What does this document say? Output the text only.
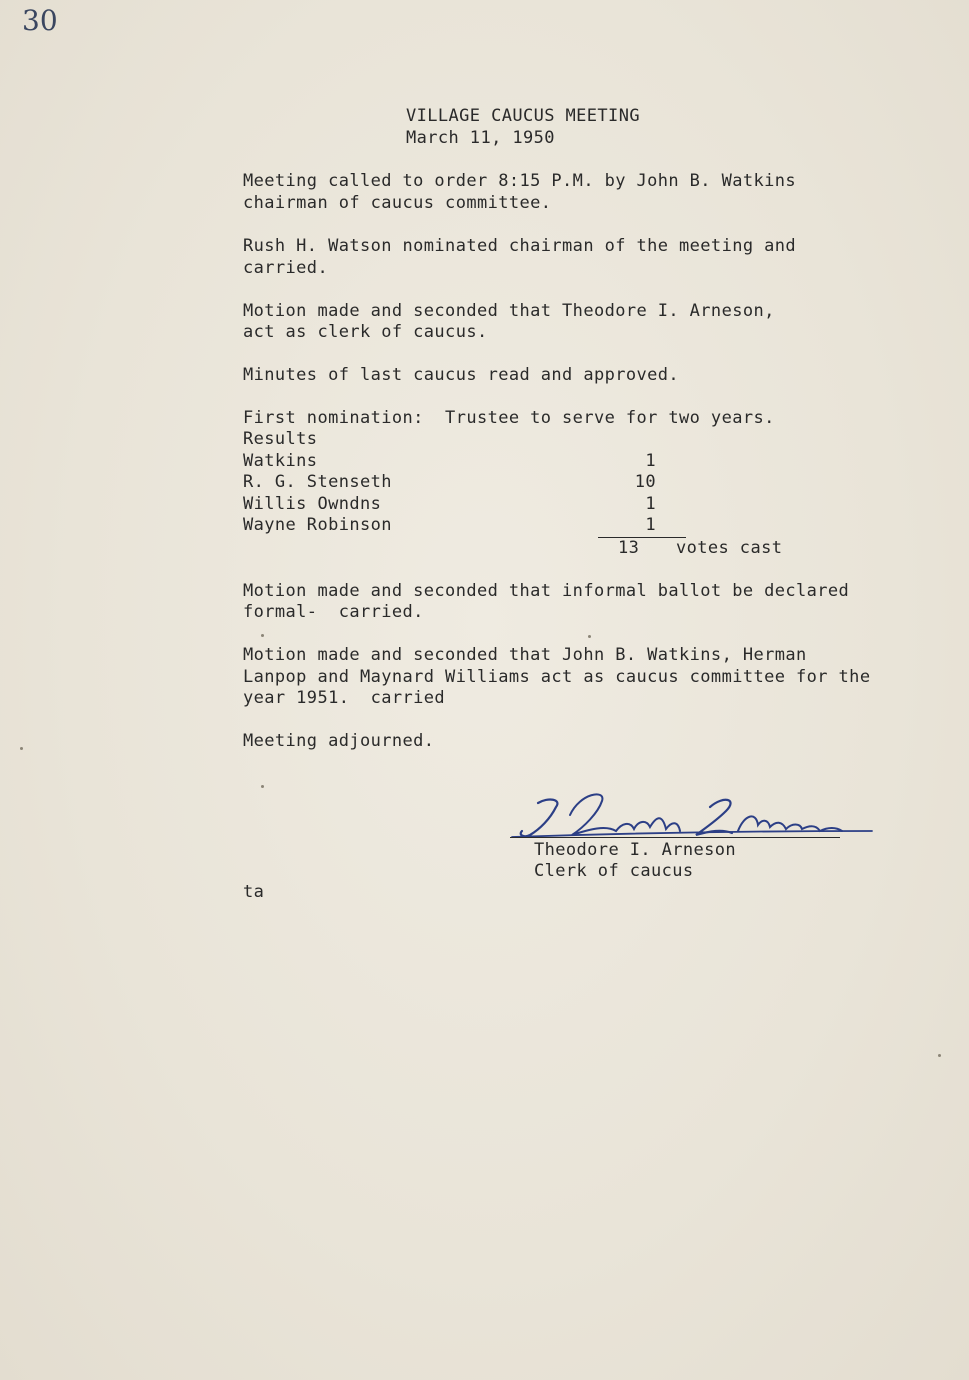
30
VILLAGE CAUCUS MEETING
March 11, 1950
Meeting called to order 8:15 P.M. by John B. Watkins
chairman of caucus committee.
Rush H. Watson nominated chairman of the meeting and
carried.
Motion made and seconded that Theodore I. Arneson,
act as clerk of caucus.
Minutes of last caucus read and approved.
First nomination:  Trustee to serve for two years.
Results
Watkins	1
R. G. Stenseth	10
Willis Owndns	1
Wayne Robinson	1
13 votes cast
Motion made and seconded that informal ballot be declared
formal-  carried.
Motion made and seconded that John B. Watkins, Herman
Lanpop and Maynard Williams act as caucus committee for the
year 1951.  carried
Meeting adjourned.
Theodore I. Arneson
Clerk of caucus
ta
